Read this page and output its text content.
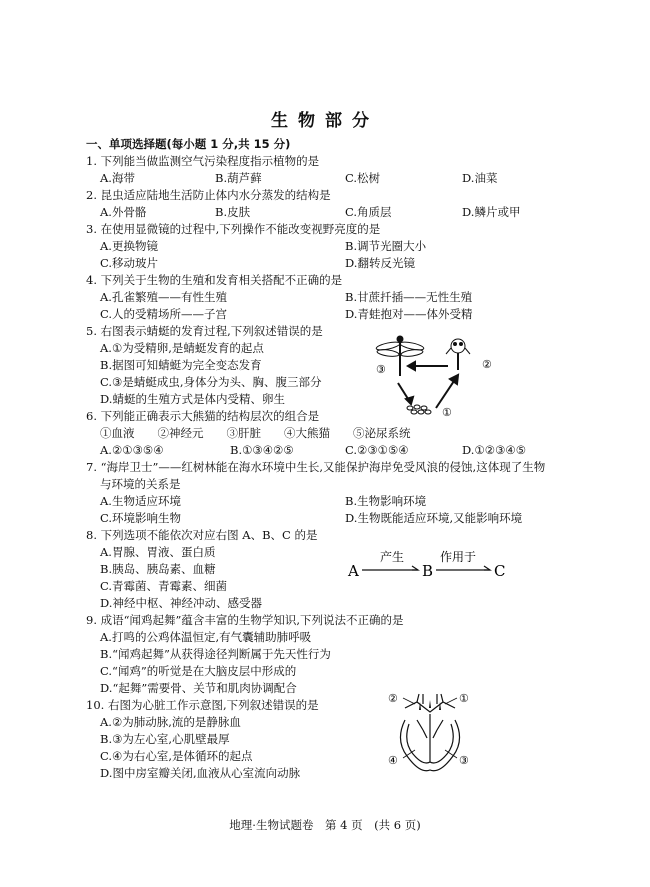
生物部分
一、单项选择题(每小题 1 分,共 15 分)
1. 下列能当做监测空气污染程度指示植物的是
A.海带	B.葫芦藓	C.松树	D.油菜
2. 昆虫适应陆地生活防止体内水分蒸发的结构是
A.外骨骼	B.皮肤	C.角质层	D.鳞片或甲
3. 在使用显微镜的过程中,下列操作不能改变视野亮度的是
A.更换物镜	B.调节光圈大小
C.移动玻片	D.翻转反光镜
4. 下列关于生物的生殖和发育相关搭配不正确的是
A.孔雀繁殖——有性生殖	B.甘蔗扦插——无性生殖
C.人的受精场所——子宫	D.青蛙抱对——体外受精
5. 右图表示蜻蜓的发育过程,下列叙述错误的是
A.①为受精卵,是蜻蜓发育的起点
B.据图可知蜻蜓为完全变态发育
C.③是蜻蜓成虫,身体分为头、胸、腹三部分
D.蜻蜓的生殖方式是体内受精、卵生
③	②
①
6. 下列能正确表示大熊猫的结构层次的组合是
①血液　　②神经元　　③肝脏　　④大熊猫　　⑤泌尿系统
A.②①③⑤④	B.①③④②⑤	C.②③①⑤④	D.①②③④⑤
7. “海岸卫士”——红树林能在海水环境中生长,又能保护海岸免受风浪的侵蚀,这体现了生物
与环境的关系是
A.生物适应环境	B.生物影响环境
C.环境影响生物	D.生物既能适应环境,又能影响环境
8. 下列选项不能依次对应右图 A、B、C 的是
A.胃腺、胃液、蛋白质
B.胰岛、胰岛素、血糖
C.青霉菌、青霉素、细菌
D.神经中枢、神经冲动、感受器
A
产生
B
作用于
C
9. 成语“闻鸡起舞”蕴含丰富的生物学知识,下列说法不正确的是
A.打鸣的公鸡体温恒定,有气囊辅助肺呼吸
B.“闻鸡起舞”从获得途径判断属于先天性行为
C.“闻鸡”的听觉是在大脑皮层中形成的
D.“起舞”需要骨、关节和肌肉协调配合
10. 右图为心脏工作示意图,下列叙述错误的是
A.②为肺动脉,流的是静脉血
B.③为左心室,心肌壁最厚
C.④为右心室,是体循环的起点
D.图中房室瓣关闭,血液从心室流向动脉
②	①
④	③
地理·生物试题卷　第 4 页　(共 6 页)
